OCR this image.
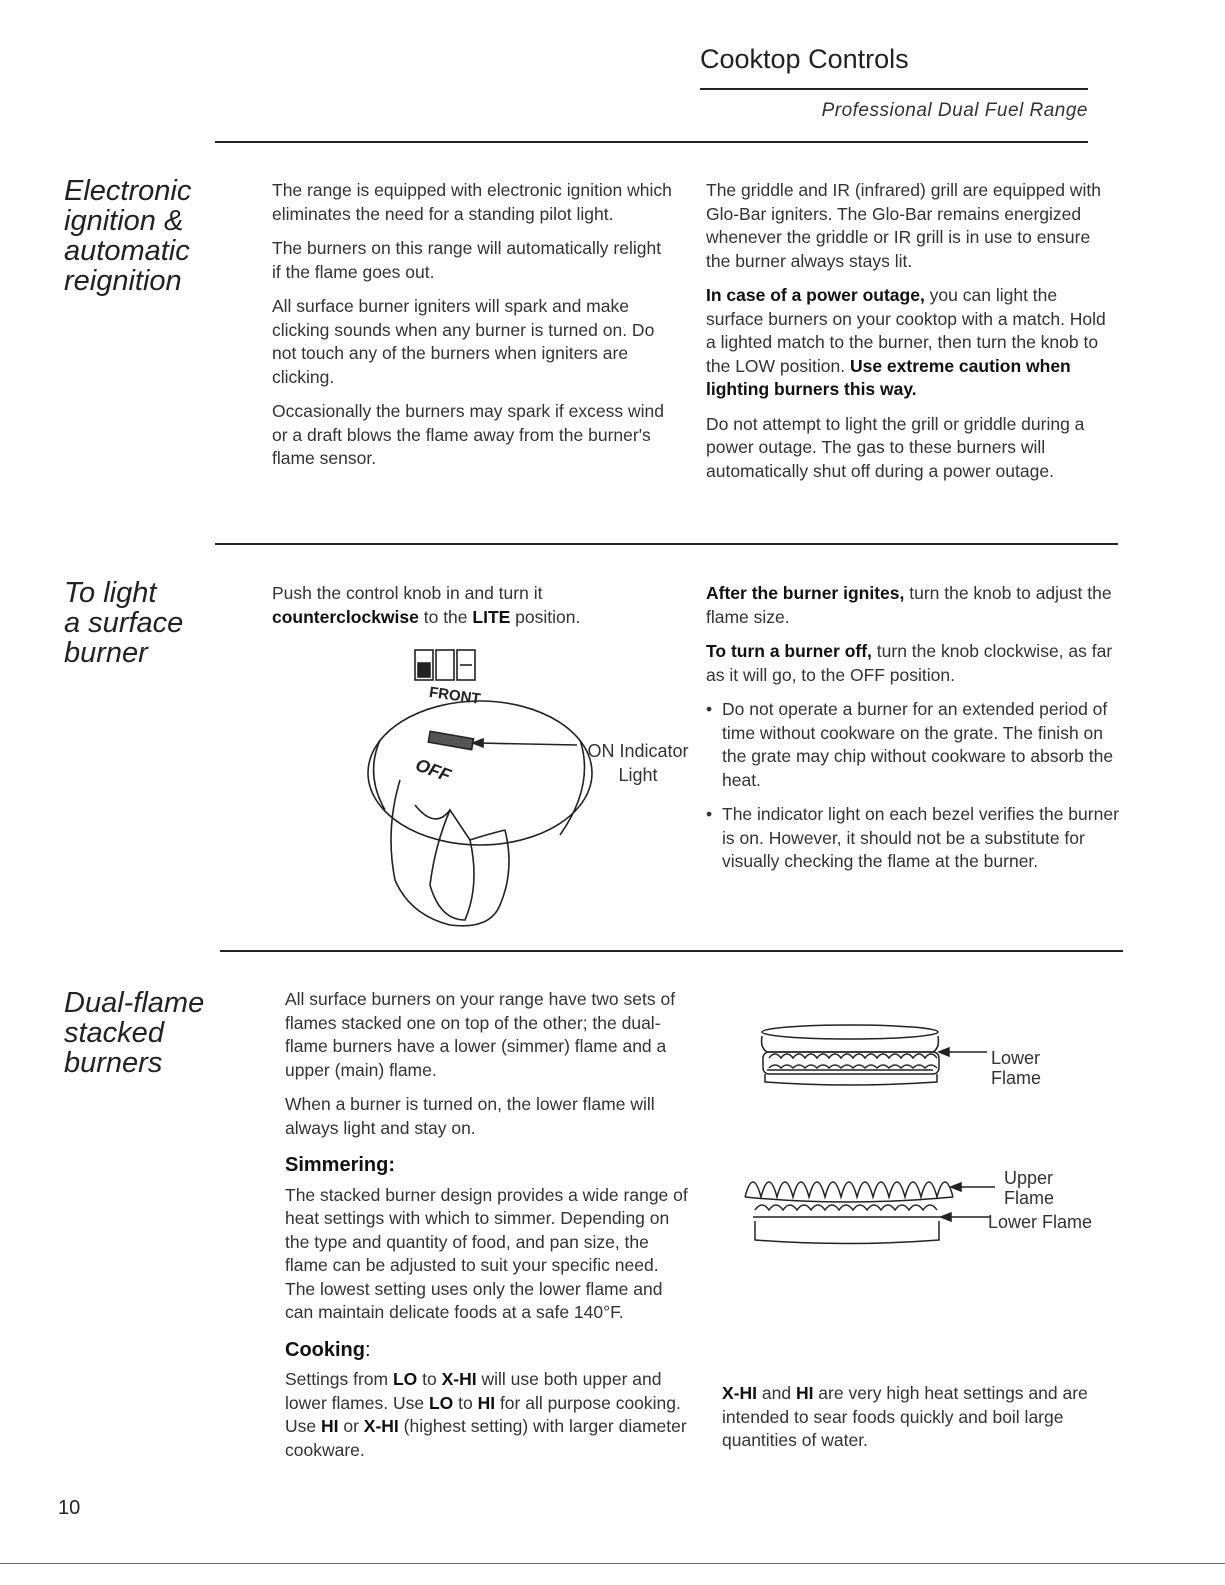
Cooktop Controls
Professional Dual Fuel Range
Electronic
ignition &
automatic
reignition

The range is equipped with electronic ignition which eliminates the need for a standing pilot light.

The burners on this range will automatically relight if the flame goes out.

All surface burner igniters will spark and make clicking sounds when any burner is turned on. Do not touch any of the burners when igniters are clicking.

Occasionally the burners may spark if excess wind or a draft blows the flame away from the burner's flame sensor.

The griddle and IR (infrared) grill are equipped with Glo-Bar igniters. The Glo-Bar remains energized whenever the griddle or IR grill is in use to ensure the burner always stays lit.

In case of a power outage, you can light the surface burners on your cooktop with a match. Hold a lighted match to the burner, then turn the knob to the LOW position. Use extreme caution when lighting burners this way.

Do not attempt to light the grill or griddle during a power outage. The gas to these burners will automatically shut off during a power outage.

To light
a surface
burner

Push the control knob in and turn it counterclockwise to the LITE position.

FRONT
OFF
ON Indicator
Light

After the burner ignites, turn the knob to adjust the flame size.

To turn a burner off, turn the knob clockwise, as far as it will go, to the OFF position.

• Do not operate a burner for an extended period of time without cookware on the grate. The finish on the grate may chip without cookware to absorb the heat.

• The indicator light on each bezel verifies the burner is on. However, it should not be a substitute for visually checking the flame at the burner.

Dual-flame
stacked
burners

All surface burners on your range have two sets of flames stacked one on top of the other; the dual-flame burners have a lower (simmer) flame and a upper (main) flame.

When a burner is turned on, the lower flame will always light and stay on.

Simmering:

The stacked burner design provides a wide range of heat settings with which to simmer. Depending on the type and quantity of food, and pan size, the flame can be adjusted to suit your specific need. The lowest setting uses only the lower flame and can maintain delicate foods at a safe 140°F.

Cooking:

Settings from LO to X-HI will use both upper and lower flames. Use LO to HI for all purpose cooking. Use HI or X-HI (highest setting) with larger diameter cookware.

Lower
Flame
Upper
Flame
Lower Flame

X-HI and HI are very high heat settings and are intended to sear foods quickly and boil large quantities of water.

10
